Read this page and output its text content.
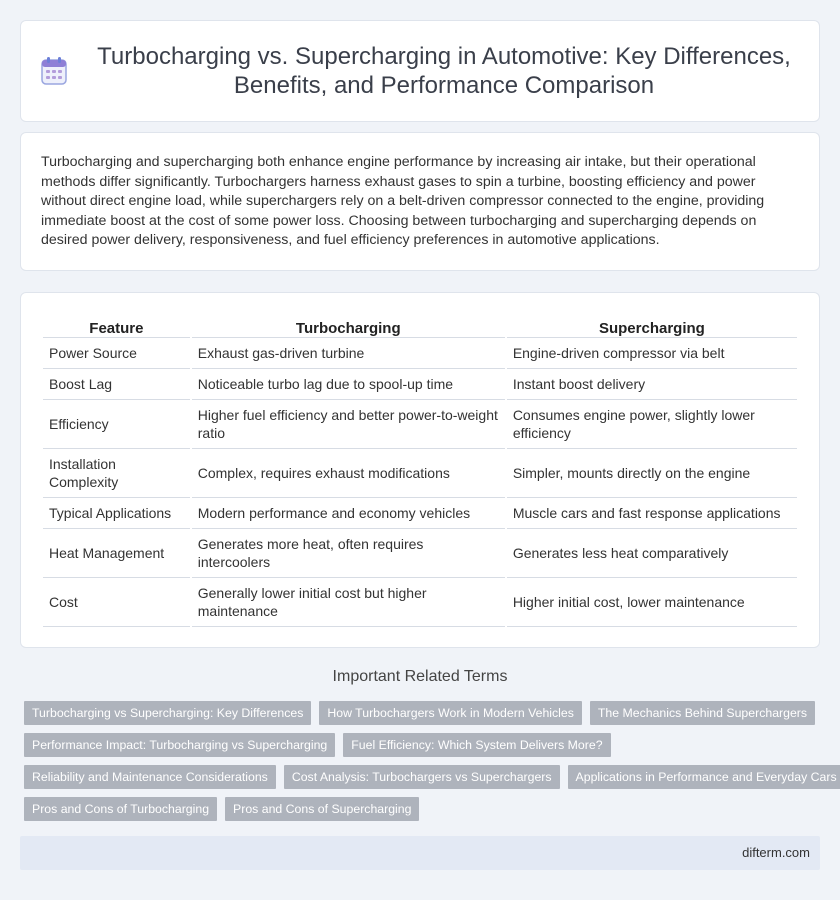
Turbocharging vs. Supercharging in Automotive: Key Differences, Benefits, and Performance Comparison

Turbocharging and supercharging both enhance engine performance by increasing air intake, but their operational methods differ significantly. Turbochargers harness exhaust gases to spin a turbine, boosting efficiency and power without direct engine load, while superchargers rely on a belt-driven compressor connected to the engine, providing immediate boost at the cost of some power loss. Choosing between turbocharging and supercharging depends on desired power delivery, responsiveness, and fuel efficiency preferences in automotive applications.

Feature	Turbocharging	Supercharging
Power Source	Exhaust gas-driven turbine	Engine-driven compressor via belt
Boost Lag	Noticeable turbo lag due to spool-up time	Instant boost delivery
Efficiency	Higher fuel efficiency and better power-to-weight ratio	Consumes engine power, slightly lower efficiency
Installation Complexity	Complex, requires exhaust modifications	Simpler, mounts directly on the engine
Typical Applications	Modern performance and economy vehicles	Muscle cars and fast response applications
Heat Management	Generates more heat, often requires intercoolers	Generates less heat comparatively
Cost	Generally lower initial cost but higher maintenance	Higher initial cost, lower maintenance
Important Related Terms
Turbocharging vs Supercharging: Key Differences	How Turbochargers Work in Modern Vehicles	The Mechanics Behind Superchargers
Performance Impact: Turbocharging vs Supercharging	Fuel Efficiency: Which System Delivers More?
Reliability and Maintenance Considerations	Cost Analysis: Turbochargers vs Superchargers	Applications in Performance and Everyday Cars
Pros and Cons of Turbocharging	Pros and Cons of Supercharging
difterm.com
